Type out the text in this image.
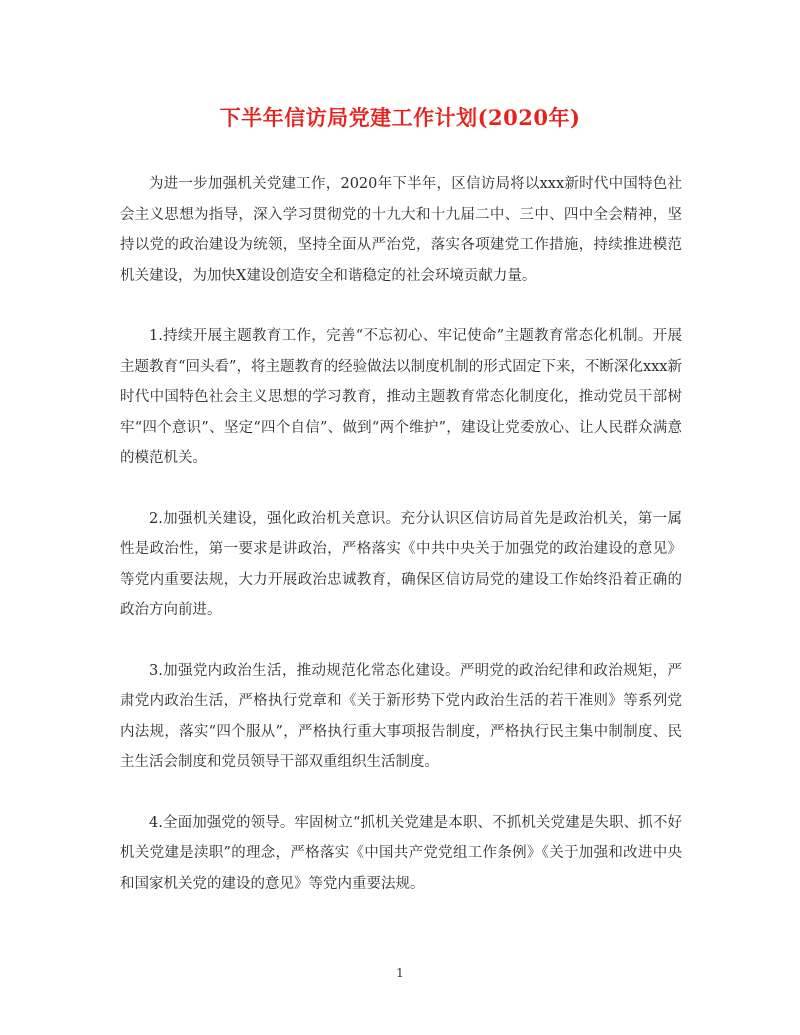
下半年信访局党建工作计划(2020年)

为进一步加强机关党建工作，2020年下半年，区信访局将以xxx新时代中国特色社会主义思想为指导，深入学习贯彻党的十九大和十九届二中、三中、四中全会精神，坚持以党的政治建设为统领，坚持全面从严治党，落实各项建党工作措施，持续推进模范机关建设，为加快X建设创造安全和谐稳定的社会环境贡献力量。

1.持续开展主题教育工作，完善“不忘初心、牢记使命”主题教育常态化机制。开展主题教育“回头看”，将主题教育的经验做法以制度机制的形式固定下来，不断深化xxx新时代中国特色社会主义思想的学习教育，推动主题教育常态化制度化，推动党员干部树牢“四个意识”、坚定“四个自信”、做到“两个维护”，建设让党委放心、让人民群众满意的模范机关。

2.加强机关建设，强化政治机关意识。充分认识区信访局首先是政治机关，第一属性是政治性，第一要求是讲政治，严格落实《中共中央关于加强党的政治建设的意见》等党内重要法规，大力开展政治忠诚教育，确保区信访局党的建设工作始终沿着正确的政治方向前进。

3.加强党内政治生活，推动规范化常态化建设。严明党的政治纪律和政治规矩，严肃党内政治生活，严格执行党章和《关于新形势下党内政治生活的若干准则》等系列党内法规，落实“四个服从”，严格执行重大事项报告制度，严格执行民主集中制制度、民主生活会制度和党员领导干部双重组织生活制度。

4.全面加强党的领导。牢固树立“抓机关党建是本职、不抓机关党建是失职、抓不好机关党建是渎职”的理念，严格落实《中国共产党党组工作条例》《关于加强和改进中央和国家机关党的建设的意见》等党内重要法规。

1
